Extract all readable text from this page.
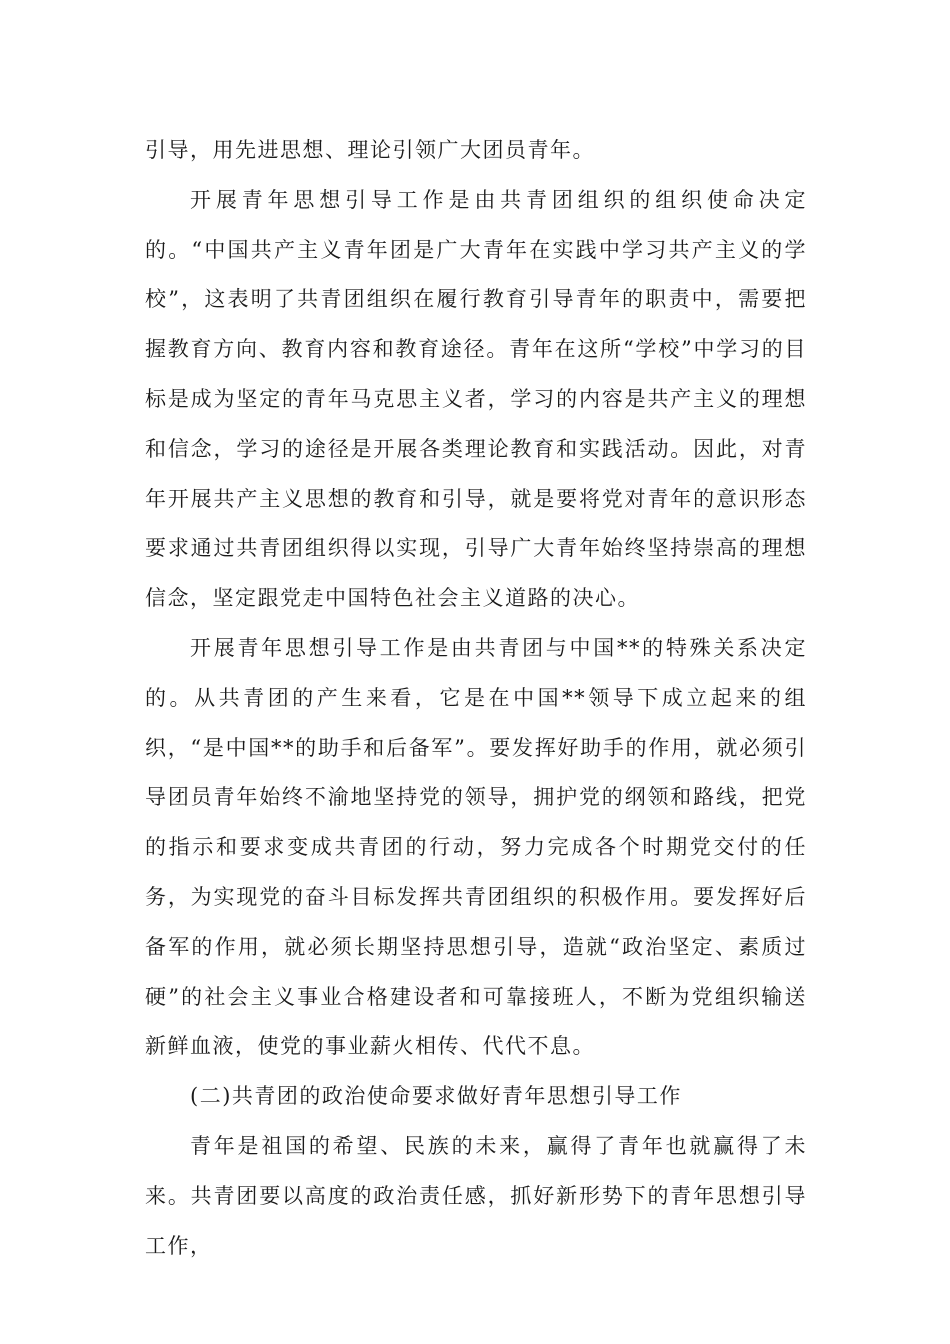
引导，用先进思想、理论引领广大团员青年。

开展青年思想引导工作是由共青团组织的组织使命决定的。“中国共产主义青年团是广大青年在实践中学习共产主义的学校”，这表明了共青团组织在履行教育引导青年的职责中，需要把握教育方向、教育内容和教育途径。青年在这所“学校”中学习的目标是成为坚定的青年马克思主义者，学习的内容是共产主义的理想和信念，学习的途径是开展各类理论教育和实践活动。因此，对青年开展共产主义思想的教育和引导，就是要将党对青年的意识形态要求通过共青团组织得以实现，引导广大青年始终坚持崇高的理想信念，坚定跟党走中国特色社会主义道路的决心。

开展青年思想引导工作是由共青团与中国**的特殊关系决定的。从共青团的产生来看，它是在中国**领导下成立起来的组织，“是中国**的助手和后备军”。要发挥好助手的作用，就必须引导团员青年始终不渝地坚持党的领导，拥护党的纲领和路线，把党的指示和要求变成共青团的行动，努力完成各个时期党交付的任务，为实现党的奋斗目标发挥共青团组织的积极作用。要发挥好后备军的作用，就必须长期坚持思想引导，造就“政治坚定、素质过硬”的社会主义事业合格建设者和可靠接班人，不断为党组织输送新鲜血液，使党的事业薪火相传、代代不息。

(二)共青团的政治使命要求做好青年思想引导工作

青年是祖国的希望、民族的未来，赢得了青年也就赢得了未来。共青团要以高度的政治责任感，抓好新形势下的青年思想引导工作，
